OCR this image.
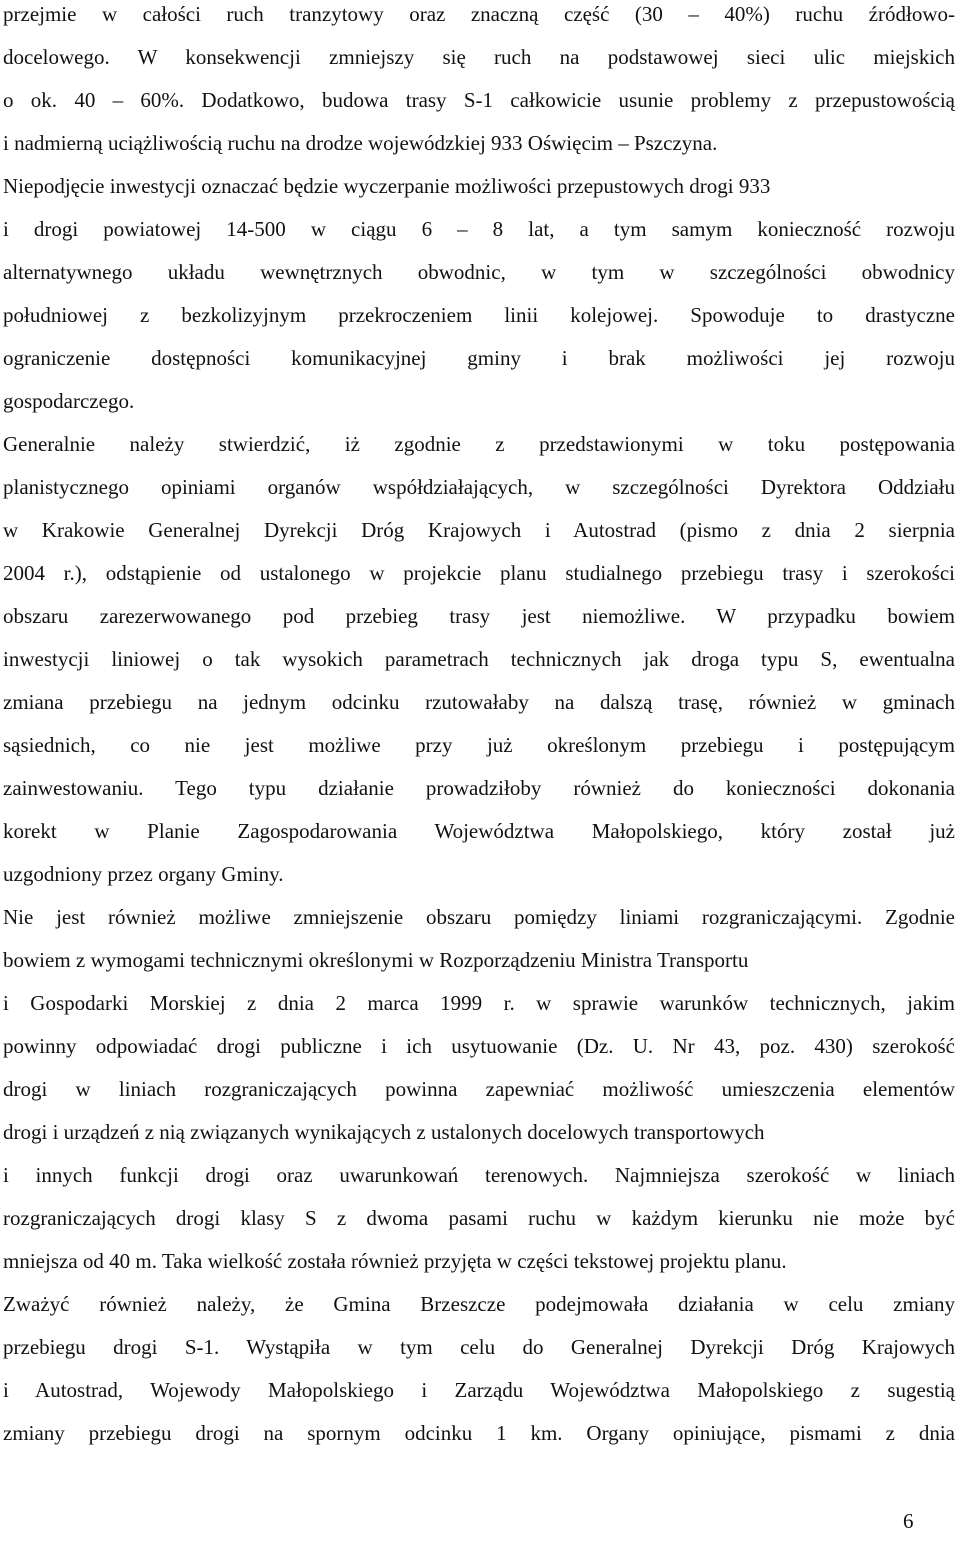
przejmie w całości ruch tranzytowy oraz znaczną część (30 – 40%) ruchu źródłowo-
docelowego. W konsekwencji zmniejszy się ruch na podstawowej sieci ulic miejskich
o ok. 40 – 60%. Dodatkowo, budowa trasy S-1 całkowicie usunie problemy z przepustowością
i nadmierną uciążliwością ruchu na drodze wojewódzkiej 933 Oświęcim – Pszczyna.
Niepodjęcie inwestycji oznaczać będzie wyczerpanie możliwości przepustowych drogi 933
i drogi powiatowej 14-500 w ciągu 6 – 8 lat, a tym samym konieczność rozwoju
alternatywnego układu wewnętrznych obwodnic, w tym w szczególności obwodnicy
południowej z bezkolizyjnym przekroczeniem linii kolejowej. Spowoduje to drastyczne
ograniczenie dostępności komunikacyjnej gminy i brak możliwości jej rozwoju
gospodarczego.
Generalnie należy stwierdzić, iż zgodnie z przedstawionymi w toku postępowania
planistycznego opiniami organów współdziałających, w szczególności Dyrektora Oddziału
w Krakowie Generalnej Dyrekcji Dróg Krajowych i Autostrad (pismo z dnia 2 sierpnia
2004 r.), odstąpienie od ustalonego w projekcie planu studialnego przebiegu trasy i szerokości
obszaru zarezerwowanego pod przebieg trasy jest niemożliwe. W przypadku bowiem
inwestycji liniowej o tak wysokich parametrach technicznych jak droga typu S, ewentualna
zmiana przebiegu na jednym odcinku rzutowałaby na dalszą trasę, również w gminach
sąsiednich, co nie jest możliwe przy już określonym przebiegu i postępującym
zainwestowaniu. Tego typu działanie prowadziłoby również do konieczności dokonania
korekt w Planie Zagospodarowania Województwa Małopolskiego, który został już
uzgodniony przez organy Gminy.
Nie jest również możliwe zmniejszenie obszaru pomiędzy liniami rozgraniczającymi. Zgodnie
bowiem z wymogami technicznymi określonymi w Rozporządzeniu Ministra Transportu
i Gospodarki Morskiej z dnia 2 marca 1999 r. w sprawie warunków technicznych, jakim
powinny odpowiadać drogi publiczne i ich usytuowanie (Dz. U. Nr 43, poz. 430) szerokość
drogi w liniach rozgraniczających powinna zapewniać możliwość umieszczenia elementów
drogi i urządzeń z nią związanych wynikających z ustalonych docelowych transportowych
i innych funkcji drogi oraz uwarunkowań terenowych. Najmniejsza szerokość w liniach
rozgraniczających drogi klasy S z dwoma pasami ruchu w każdym kierunku nie może być
mniejsza od 40 m. Taka wielkość została również przyjęta w części tekstowej projektu planu.
Zważyć również należy, że Gmina Brzeszcze podejmowała działania w celu zmiany
przebiegu drogi S-1. Wystąpiła w tym celu do Generalnej Dyrekcji Dróg Krajowych
i Autostrad, Wojewody Małopolskiego i Zarządu Województwa Małopolskiego z sugestią
zmiany przebiegu drogi na spornym odcinku 1 km. Organy opiniujące, pismami z dnia
6
